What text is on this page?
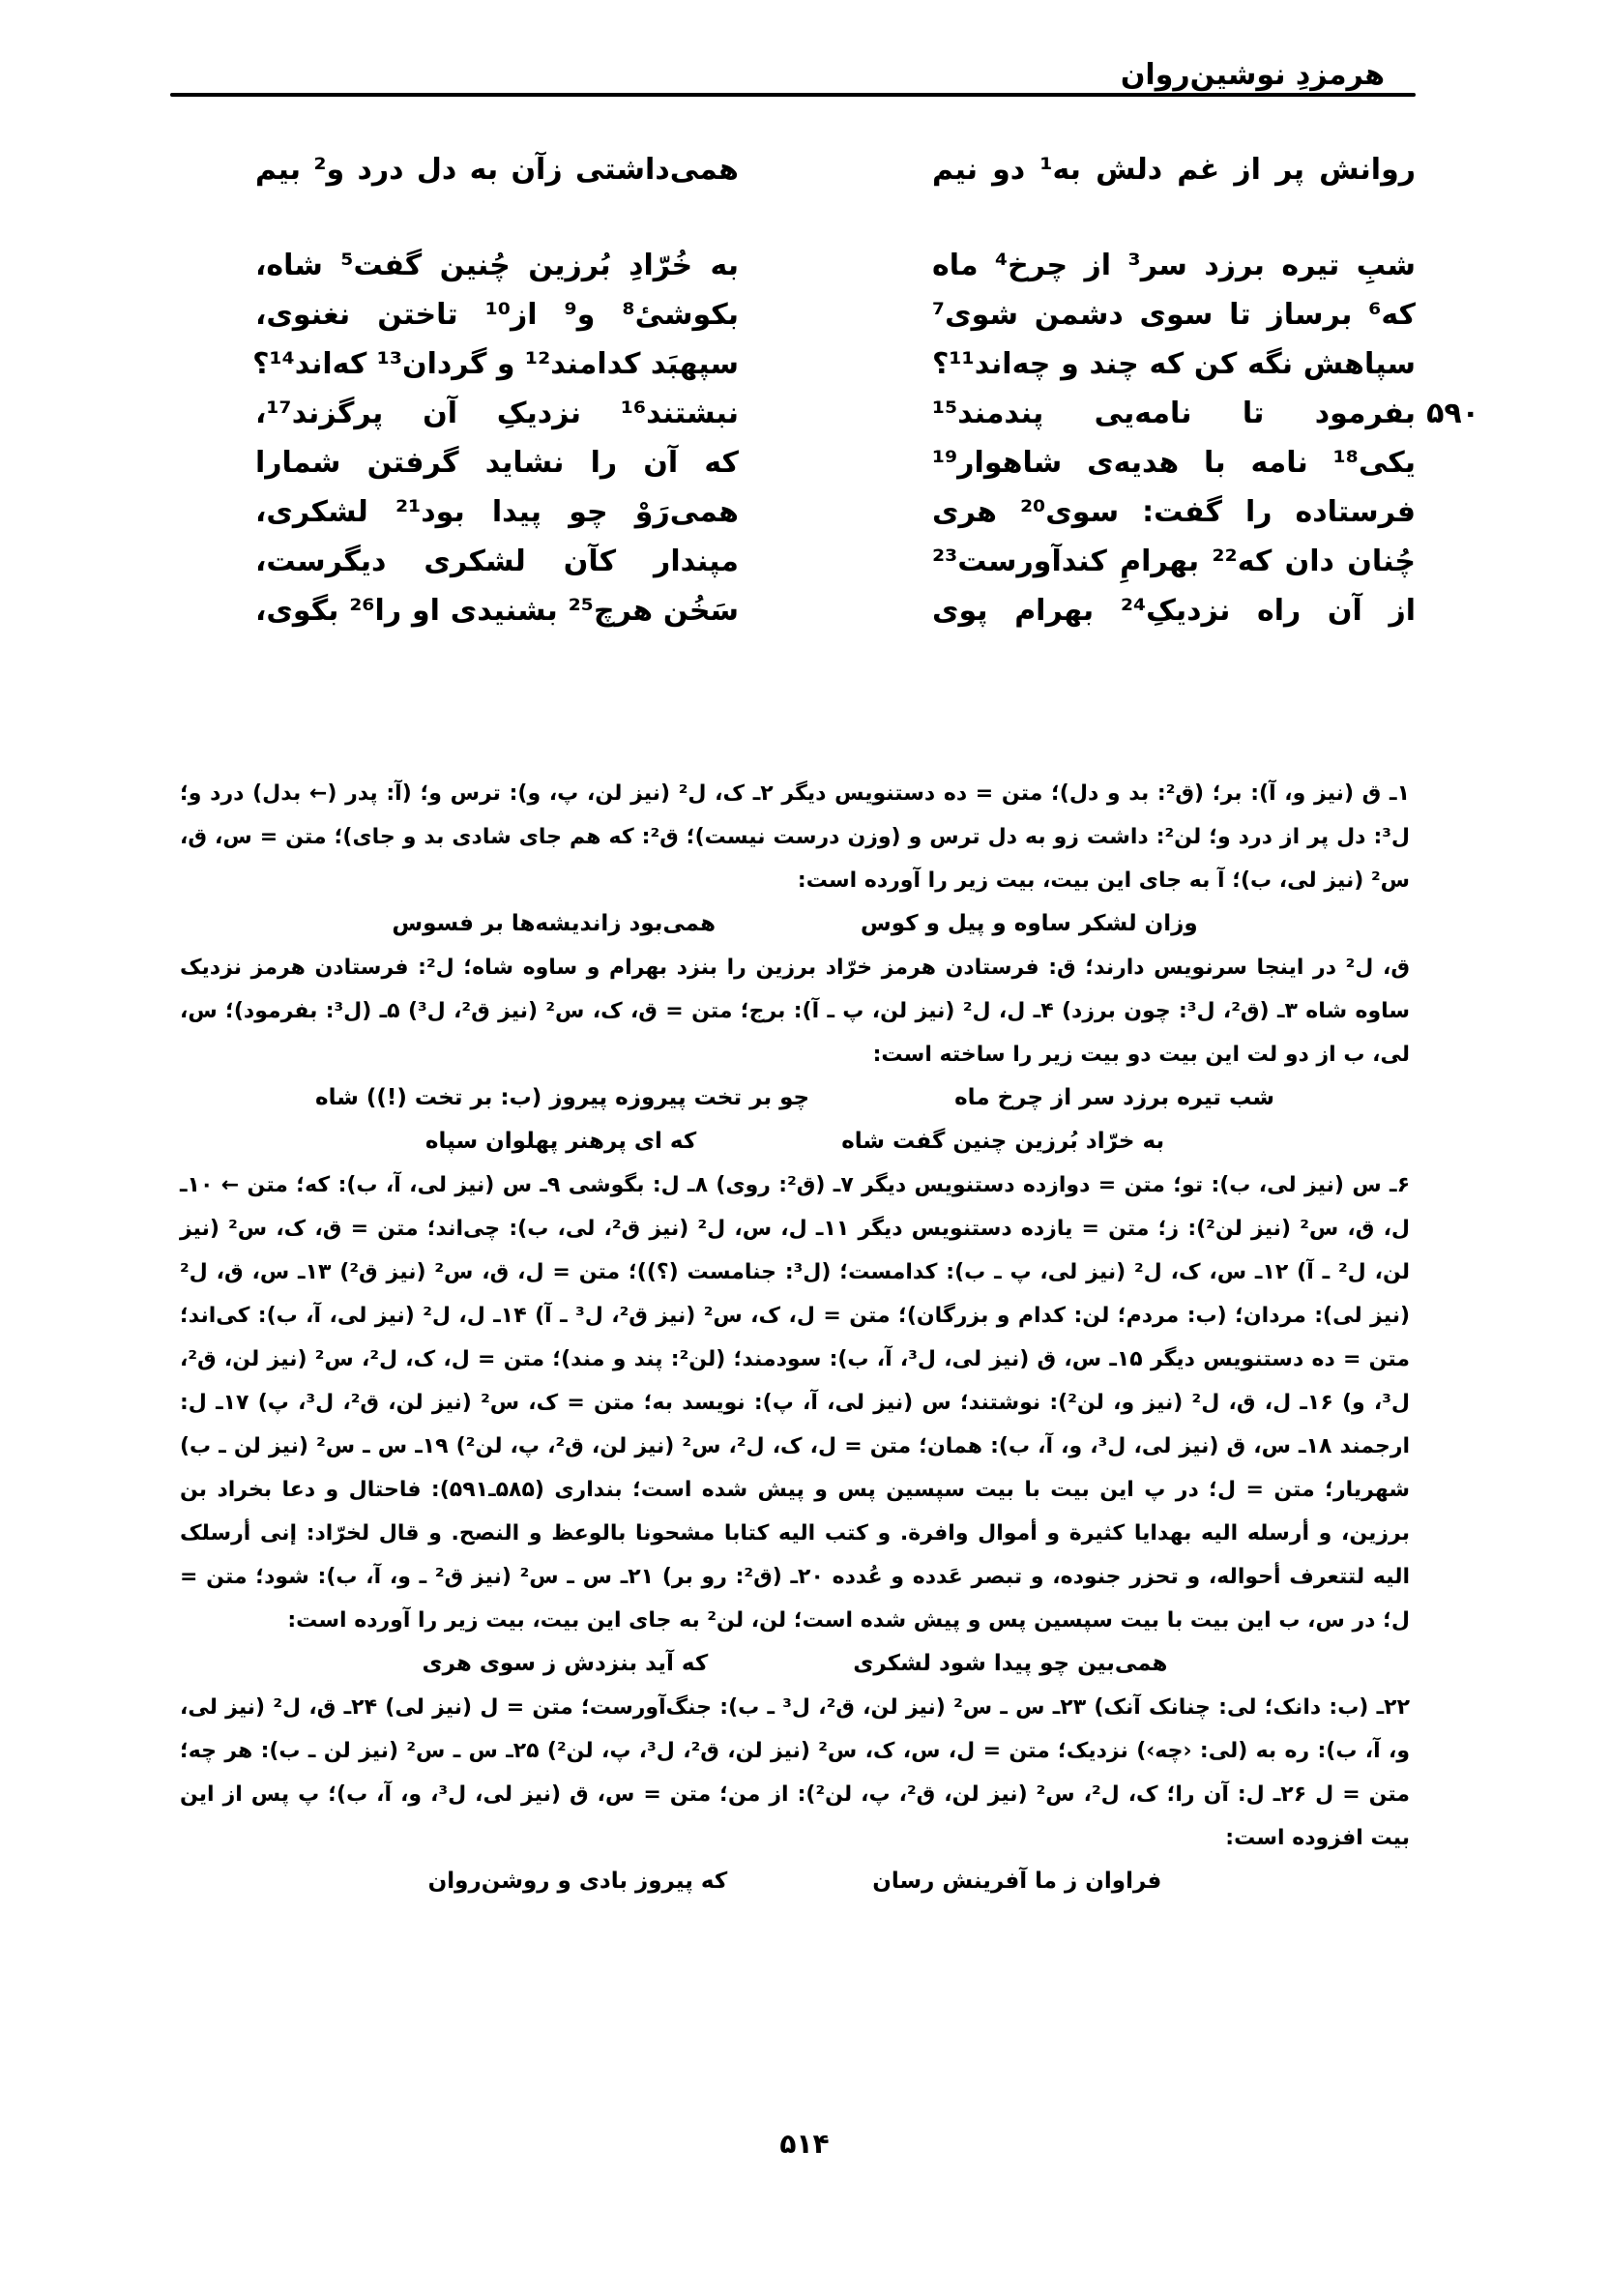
هرمزدِ نوشین‌روان
روانش پر از غم دلش به¹ دو نیم
همی‌داشتی زآن به دل درد و² بیم
شبِ تیره برزد سر³ از چرخ⁴ ماه
به خُرّادِ بُرزین چُنین گفت⁵ شاه،
که⁶ برساز تا سوی دشمن شوی⁷
بکوشیٔ⁸ و⁹ از¹⁰ تاختن نغنوی،
سپاهش نگه کن که چند و چه‌اند¹¹؟
سپهبَد کدامند¹² و گردان¹³ که‌اند¹⁴؟
۵۹۰
بفرمود تا نامه‌یی پندمند¹⁵
نبشتند¹⁶ نزدیکِ آن پرگزند¹⁷،
یکی¹⁸ نامه با هدیه‌ی شاهوار¹⁹
که آن را نشاید گرفتن شمارا
فرستاده را گفت: سوی²⁰ هری
همی‌رَوْ چو پیدا بود²¹ لشکری،
چُنان دان که²² بهرامِ کندآورست²³
مپندار کآن لشکری دیگرست،
از آن راه نزدیکِ²⁴ بهرام پوی
سَخُن هرچ²⁵ بشنیدی او را²⁶ بگوی،

۱ـ ق (نیز و، آ): بر؛ (ق²: بد و دل)؛ متن = ده دستنویس دیگر ۲ـ ک، ل² (نیز لن، پ، و): ترس و؛ (آ: پدر (← بدل) درد و؛ ل³: دل پر از درد و؛ لن²: داشت زو به دل ترس و (وزن درست نیست)؛ ق²: که هم جای شادی بد و جای)؛ متن = س، ق، س² (نیز لی، ب)؛ آ به جای این بیت، بیت زیر را آورده است:

وزان لشکر ساوه و پیل و کوس
همی‌بود زاندیشه‌ها بر فسوس

ق، ل² در اینجا سرنویس دارند؛ ق: فرستادن هرمز خرّاد برزین را بنزد بهرام و ساوه شاه؛ ل²: فرستادن هرمز نزدیک ساوه شاه ۳ـ (ق²، ل³: چون برزد) ۴ـ ل، ل² (نیز لن، پ ـ آ): برج؛ متن = ق، ک، س² (نیز ق²، ل³) ۵ـ (ل³: بفرمود)؛ س، لی، ب از دو لت این بیت دو بیت زیر را ساخته است:

شب تیره برزد سر از چرخ ماه
چو بر تخت پیروزه پیروز (ب: بر تخت (!)) شاه
به خرّاد بُرزین چنین گفت شاه
که ای پرهنر پهلوان سپاه

۶ـ س (نیز لی، ب): تو؛ متن = دوازده دستنویس دیگر ۷ـ (ق²: روی) ۸ـ ل: بگوشی ۹ـ س (نیز لی، آ، ب): که؛ متن ← ۱۰ـ ل، ق، س² (نیز لن²): ز؛ متن = یازده دستنویس دیگر ۱۱ـ ل، س، ل² (نیز ق²، لی، ب): چی‌اند؛ متن = ق، ک، س² (نیز لن، ل² ـ آ) ۱۲ـ س، ک، ل² (نیز لی، پ ـ ب): کدامست؛ (ل³: جنامست (؟))؛ متن = ل، ق، س² (نیز ق²) ۱۳ـ س، ق، ل² (نیز لی): مردان؛ (ب: مردم؛ لن: کدام و بزرگان)؛ متن = ل، ک، س² (نیز ق²، ل³ ـ آ) ۱۴ـ ل، ل² (نیز لی، آ، ب): کی‌اند؛ متن = ده دستنویس دیگر ۱۵ـ س، ق (نیز لی، ل³، آ، ب): سودمند؛ (لن²: پند و مند)؛ متن = ل، ک، ل²، س² (نیز لن، ق²، ل³، و) ۱۶ـ ل، ق، ل² (نیز و، لن²): نوشتند؛ س (نیز لی، آ، پ): نویسد به؛ متن = ک، س² (نیز لن، ق²، ل³، پ) ۱۷ـ ل: ارجمند ۱۸ـ س، ق (نیز لی، ل³، و، آ، ب): همان؛ متن = ل، ک، ل²، س² (نیز لن، ق²، پ، لن²) ۱۹ـ س ـ س² (نیز لن ـ ب) شهریار؛ متن = ل؛ در پ این بیت با بیت سپسین پس و پیش شده است؛ بنداری (۵۸۵ـ۵۹۱): فاحتال و دعا بخراد بن برزین، و أرسله الیه بهدایا کثیرة و أموال وافرة. و کتب الیه کتابا مشحونا بالوعظ و النصح. و قال لخرّاد: إنی أرسلک الیه لتتعرف أحواله، و تحزر جنوده، و تبصر عَدده و عُدده ۲۰ـ (ق²: رو بر) ۲۱ـ س ـ س² (نیز ق² ـ و، آ، ب): شود؛ متن = ل؛ در س، ب این بیت با بیت سپسین پس و پیش شده است؛ لن، لن² به جای این بیت، بیت زیر را آورده است:

همی‌بین چو پیدا شود لشکری
که آید بنزدش ز سوی هری

۲۲ـ (ب: دانک؛ لی: چنانک آنک) ۲۳ـ س ـ س² (نیز لن، ق²، ل³ ـ ب): جنگ‌آورست؛ متن = ل (نیز لی) ۲۴ـ ق، ل² (نیز لی، و، آ، ب): ره به (لی: ‹چه›) نزدیک؛ متن = ل، س، ک، س² (نیز لن، ق²، ل³، پ، لن²) ۲۵ـ س ـ س² (نیز لن ـ ب): هر چه؛ متن = ل ۲۶ـ ل: آن را؛ ک، ل²، س² (نیز لن، ق²، پ، لن²): از من؛ متن = س، ق (نیز لی، ل³، و، آ، ب)؛ پ پس از این بیت افزوده است:

فراوان ز ما آفرینش رسان
که پیروز بادی و روشن‌روان
۵۱۴
